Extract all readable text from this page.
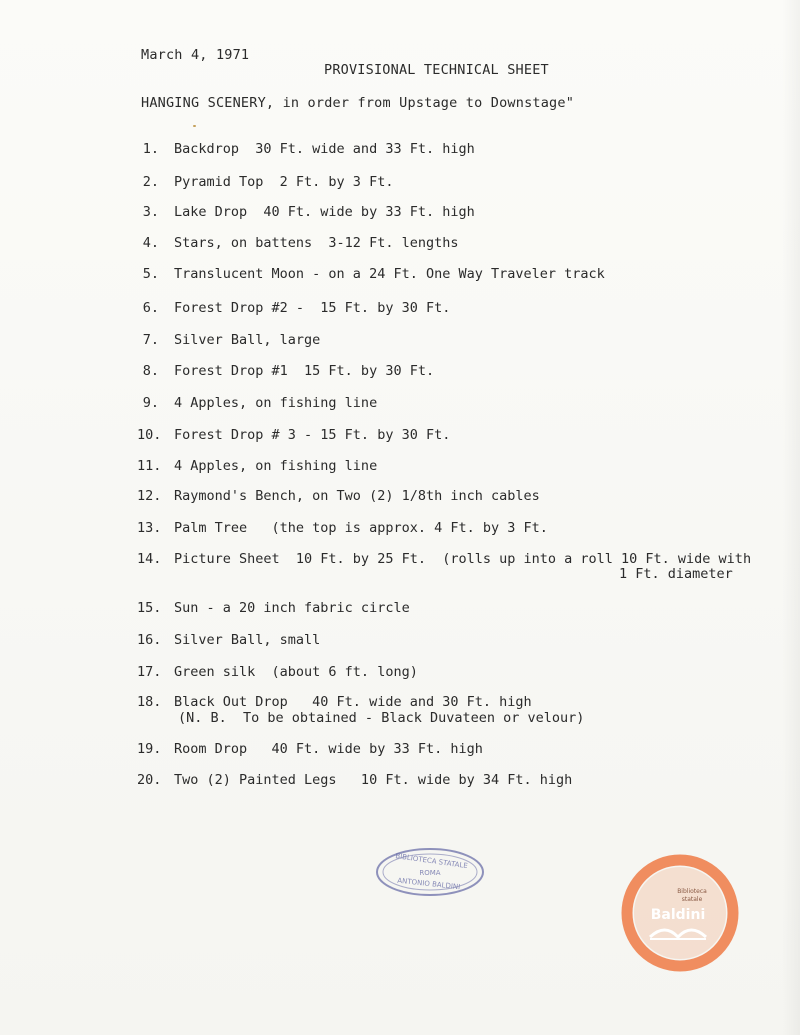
March 4, 1971
PROVISIONAL TECHNICAL SHEET
HANGING SCENERY, in order from Upstage to Downstage"
1. Backdrop  30 Ft. wide and 33 Ft. high
2. Pyramid Top  2 Ft. by 3 Ft.
3. Lake Drop  40 Ft. wide by 33 Ft. high
4. Stars, on battens  3-12 Ft. lengths
5. Translucent Moon - on a 24 Ft. One Way Traveler track
6. Forest Drop #2 -  15 Ft. by 30 Ft.
7. Silver Ball, large
8. Forest Drop #1  15 Ft. by 30 Ft.
9. 4 Apples, on fishing line
10. Forest Drop # 3 - 15 Ft. by 30 Ft.
11. 4 Apples, on fishing line
12. Raymond's Bench, on Two (2) 1/8th inch cables
13. Palm Tree   (the top is approx. 4 Ft. by 3 Ft.
14. Picture Sheet  10 Ft. by 25 Ft.  (rolls up into a roll 10 Ft. wide with
1 Ft. diameter
15. Sun - a 20 inch fabric circle
16. Silver Ball, small
17. Green silk  (about 6 ft. long)
18. Black Out Drop   40 Ft. wide and 30 Ft. high
(N. B.  To be obtained - Black Duvateen or velour)
19. Room Drop   40 Ft. wide by 33 Ft. high
20. Two (2) Painted Legs   10 Ft. wide by 34 Ft. high
BIBLIOTECA STATALE
ROMA
ANTONIO BALDINI
Biblioteca
statale
Baldini
